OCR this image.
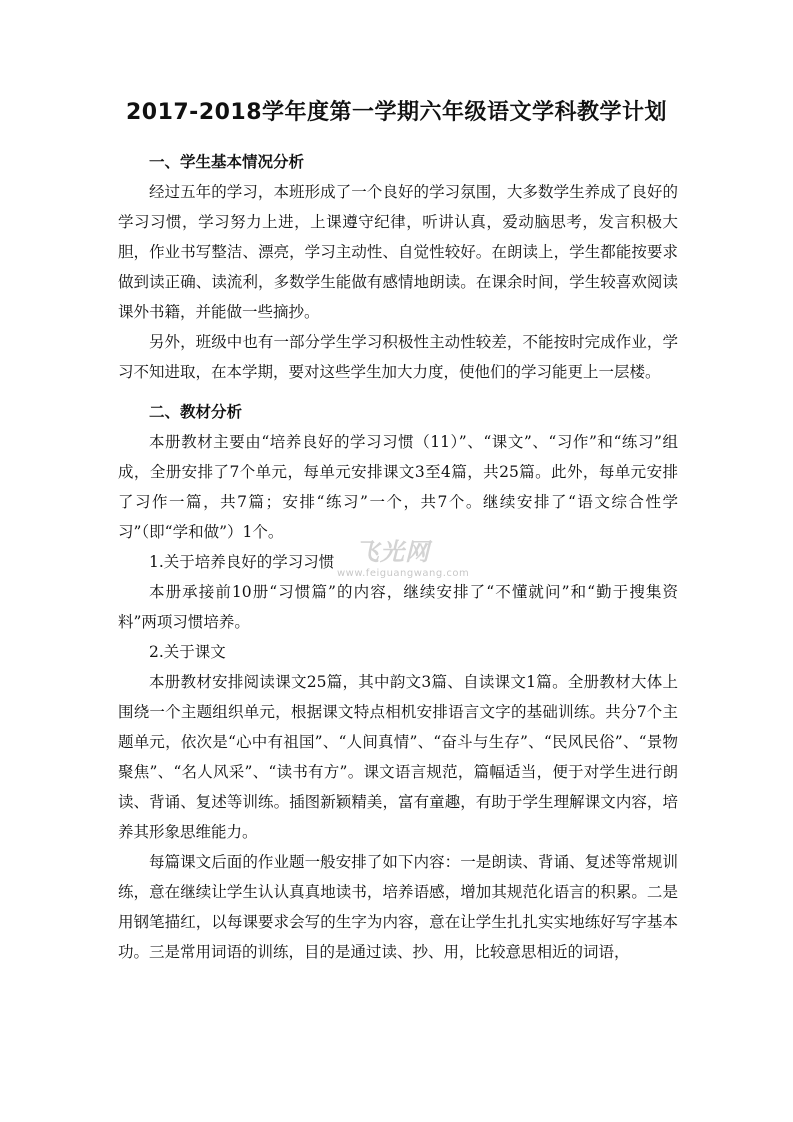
2017-2018学年度第一学期六年级语文学科教学计划
一、学生基本情况分析

经过五年的学习，本班形成了一个良好的学习氛围，大多数学生养成了良好的学习习惯，学习努力上进，上课遵守纪律，听讲认真，爱动脑思考，发言积极大胆，作业书写整洁、漂亮，学习主动性、自觉性较好。在朗读上，学生都能按要求做到读正确、读流利，多数学生能做有感情地朗读。在课余时间，学生较喜欢阅读课外书籍，并能做一些摘抄。

另外，班级中也有一部分学生学习积极性主动性较差，不能按时完成作业，学习不知进取，在本学期，要对这些学生加大力度，使他们的学习能更上一层楼。

二、教材分析

本册教材主要由“培养良好的学习习惯（11）”、“课文”、“习作”和“练习”组成，全册安排了7个单元，每单元安排课文3至4篇，共25篇。此外，每单元安排了习作一篇，共7篇；安排“练习”一个，共7个。继续安排了“语文综合性学习”（即“学和做”）1个。

1.关于培养良好的学习习惯

本册承接前10册“习惯篇”的内容，继续安排了“不懂就问”和“勤于搜集资料”两项习惯培养。

2.关于课文

本册教材安排阅读课文25篇，其中韵文3篇、自读课文1篇。全册教材大体上围绕一个主题组织单元，根据课文特点相机安排语言文字的基础训练。共分7个主题单元，依次是“心中有祖国”、“人间真情”、“奋斗与生存”、“民风民俗”、“景物聚焦”、“名人风采”、“读书有方”。课文语言规范，篇幅适当，便于对学生进行朗读、背诵、复述等训练。插图新颖精美，富有童趣，有助于学生理解课文内容，培养其形象思维能力。

每篇课文后面的作业题一般安排了如下内容：一是朗读、背诵、复述等常规训练，意在继续让学生认认真真地读书，培养语感，增加其规范化语言的积累。二是用钢笔描红，以每课要求会写的生字为内容，意在让学生扎扎实实地练好写字基本功。三是常用词语的训练，目的是通过读、抄、用，比较意思相近的词语，

飞光网
www.feiguangwang.com
